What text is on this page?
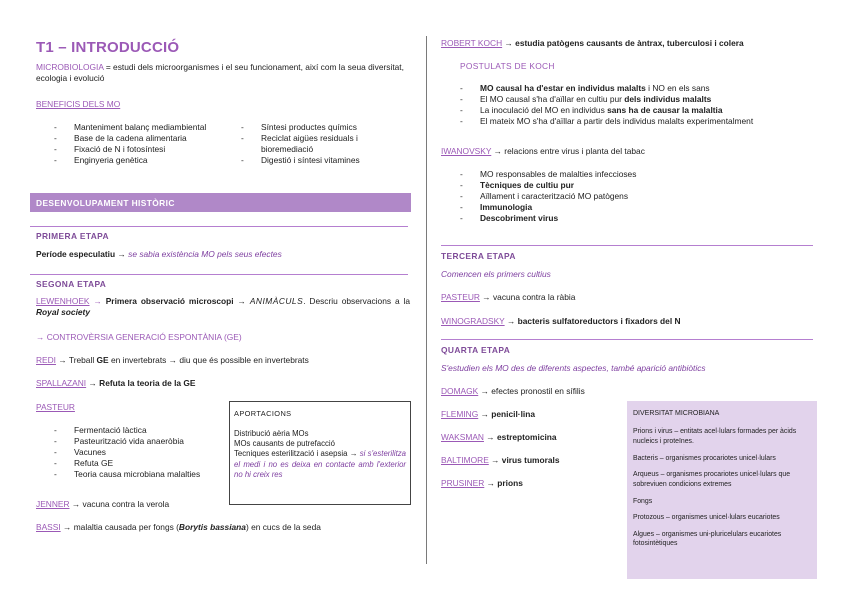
T1 – INTRODUCCIÓ
MICROBIOLOGIA = estudi dels microorganismes i el seu funcionament, així com la seua diversitat, ecologia i evolució
BENEFICIS DELS MO
- Manteniment balanç mediambiental
- Base de la cadena alimentaria
- Fixació de N i fotosíntesi
- Enginyeria genètica
- Síntesi productes químics
- Reciclat aigües residuals i bioremediació
- Digestió i síntesi vitamines
DESENVOLUPAMENT HISTÒRIC
PRIMERA ETAPA
Període especulatiu → se sabia existència MO pels seus efectes
SEGONA ETAPA
LEWENHOEK → Primera observació microscopi → ANIMÀCULS. Descriu observacions a la Royal society
→ CONTROVÈRSIA GENERACIÓ ESPONTÀNIA (GE)
REDI → Treball GE en invertebrats → diu que és possible en invertebrats
SPALLAZANI → Refuta la teoria de la GE
PASTEUR
- Fermentació làctica
- Pasteurització vida anaeròbia
- Vacunes
- Refuta GE
- Teoria causa microbiana malalties
APORTACIONS
Distribució aèria MOs
MOs causants de putrefacció
Tecniques esterilització i asepsia → si s'esterilitza el medi i no es deixa en contacte amb l'exterior no hi creix res
JENNER → vacuna contra la verola
BASSI → malaltia causada per fongs (Borytis bassiana) en cucs de la seda
ROBERT KOCH → estudia patògens causants de àntrax, tuberculosi i colera
POSTULATS DE KOCH
- MO causal ha d'estar en individus malalts i NO en els sans
- El MO causal s'ha d'aïllar en cultiu pur dels individus malalts
- La inoculació del MO en individus sans ha de causar la malaltia
- El mateix MO s'ha d'aïllar a partir dels individus malalts experimentalment
IWANOVSKY → relacions entre virus i planta del tabac
- MO responsables de malalties infeccioses
- Tècniques de cultiu pur
- Aïllament i caracterització MO patògens
- Immunologia
- Descobriment virus
TERCERA ETAPA
Comencen els primers cultius
PASTEUR → vacuna contra la ràbia
WINOGRADSKY → bacteris sulfatoreductors i fixadors del N
QUARTA ETAPA
S'estudien els MO des de diferents aspectes, també aparició antibiòtics
DOMAGK → efectes pronostil en sífilis
FLEMING → penicil·lina
WAKSMAN → estreptomicina
BALTIMORE → virus tumorals
PRUSINER → prions

DIVERSITAT MICROBIANA

Prions i virus – entitats acel·lulars formades per àcids nucleics i proteïnes.

Bacteris – organismes procariotes unicel·lulars

Arqueus – organismes procariotes unicel·lulars que sobreviuen condicions extremes

Fongs

Protozous – organismes unicel·lulars eucariotes

Algues – organismes uni-pluricelulars eucariotes fotosintètiques
